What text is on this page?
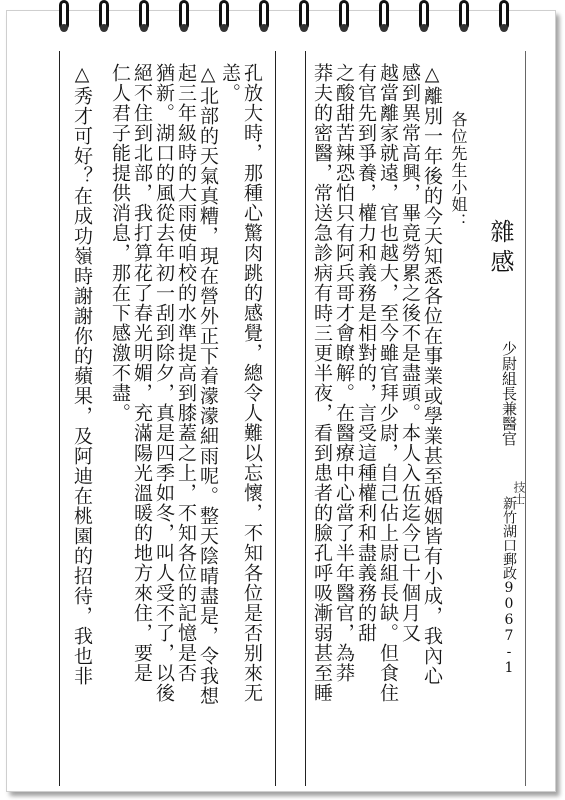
雜感
少尉組長兼醫官
新竹湖口郵政9067-1
技士
各位先生小姐：
△離別一年後的今天知悉各位在事業或學業甚至婚姻皆有小成，我內心
感到異常高興，畢竟勞累之後不是盡頭。本人入伍迄今已十個月又
越當離家就遠，官也越大，至今雖官拜少尉，自己佔上尉組長缺。但食住
有官先到爭養，權力和義務是相對的，言受這種權利和盡義務的甜
之酸甜苦辣恐怕只有阿兵哥才會瞭解。在醫療中心當了半年醫官，為莽
莽夫的密醫，常送急診病有時三更半夜，看到患者的臉孔呼吸漸弱甚至睡
孔放大時，那種心驚肉跳的感覺，總令人難以忘懷，不知各位是否别來无
恙。
△北部的天氣真糟，現在營外正下着濛濛細雨呢。整天陰晴盡是，令我想
起三年級時的大雨使咱校的水準提高到膝蓋之上，不知各位的記憶是否
猶新。湖口的風從去年初一刮到除夕，真是四季如冬，叫人受不了，以後
絕不住到北部，我打算花了春光明媚，充滿陽光溫暖的地方來住，要是
仁人君子能提供消息，那在下感激不盡。
△秀才可好？在成功嶺時謝謝你的蘋果，及阿迪在桃園的招待，我也非
